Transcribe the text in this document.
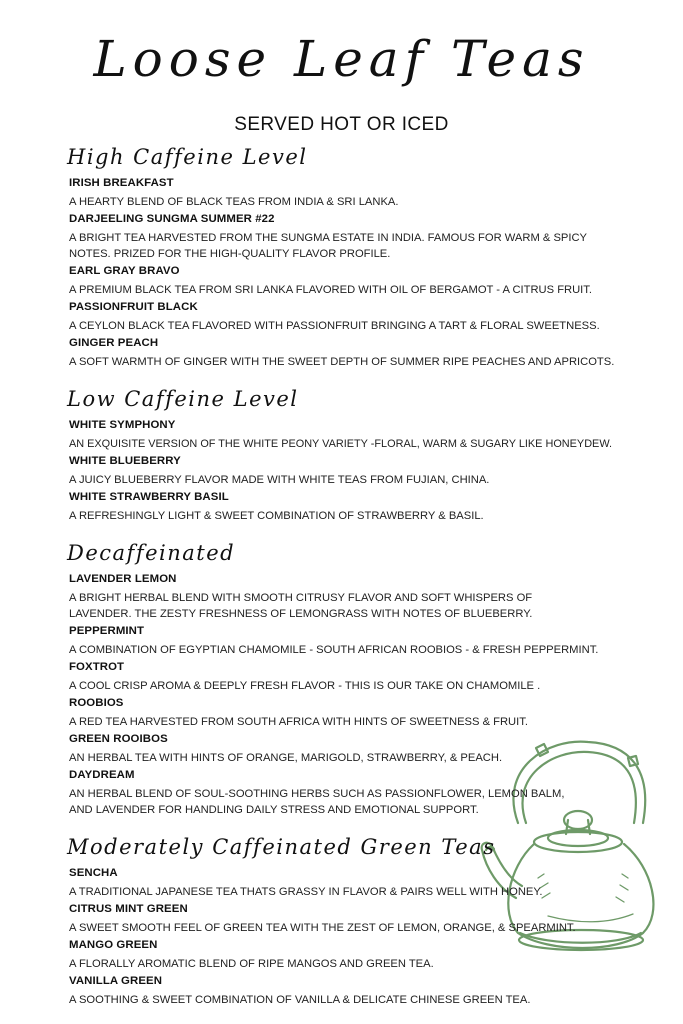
Loose Leaf Teas
SERVED HOT OR ICED
High Caffeine Level
IRISH BREAKFAST
A HEARTY BLEND OF BLACK TEAS FROM INDIA & SRI LANKA.
DARJEELING SUNGMA SUMMER #22
A BRIGHT TEA HARVESTED FROM THE SUNGMA ESTATE IN INDIA. FAMOUS FOR WARM & SPICY NOTES. PRIZED FOR THE HIGH-QUALITY FLAVOR PROFILE.
EARL GRAY BRAVO
A PREMIUM BLACK TEA FROM SRI LANKA FLAVORED WITH OIL OF BERGAMOT - A CITRUS FRUIT.
PASSIONFRUIT BLACK
A CEYLON BLACK TEA FLAVORED WITH PASSIONFRUIT BRINGING A TART & FLORAL SWEETNESS.
GINGER PEACH
A SOFT WARMTH OF GINGER WITH THE SWEET DEPTH OF SUMMER RIPE PEACHES AND APRICOTS.
Low Caffeine Level
WHITE SYMPHONY
AN EXQUISITE VERSION OF THE WHITE PEONY VARIETY -FLORAL, WARM & SUGARY LIKE HONEYDEW.
WHITE BLUEBERRY
A JUICY BLUEBERRY FLAVOR MADE WITH WHITE TEAS FROM FUJIAN, CHINA.
WHITE STRAWBERRY BASIL
A REFRESHINGLY LIGHT & SWEET COMBINATION OF STRAWBERRY & BASIL.
Decaffeinated
LAVENDER LEMON
A BRIGHT HERBAL BLEND WITH SMOOTH CITRUSY FLAVOR AND SOFT WHISPERS OF LAVENDER. THE ZESTY FRESHNESS OF LEMONGRASS WITH NOTES OF BLUEBERRY.
PEPPERMINT
A COMBINATION OF EGYPTIAN CHAMOMILE - SOUTH AFRICAN ROOBIOS - & FRESH PEPPERMINT.
FOXTROT
A COOL CRISP AROMA & DEEPLY FRESH FLAVOR - THIS IS OUR TAKE ON CHAMOMILE .
ROOBIOS
A RED TEA HARVESTED FROM SOUTH AFRICA WITH HINTS OF SWEETNESS & FRUIT.
GREEN ROOIBOS
AN HERBAL TEA WITH HINTS OF ORANGE, MARIGOLD, STRAWBERRY, & PEACH.
DAYDREAM
AN HERBAL BLEND OF SOUL-SOOTHING HERBS SUCH AS PASSIONFLOWER, LEMON BALM, AND LAVENDER FOR HANDLING DAILY STRESS AND EMOTIONAL SUPPORT.
Moderately Caffeinated Green Teas
SENCHA
A TRADITIONAL JAPANESE TEA THATS GRASSY IN FLAVOR & PAIRS WELL WITH HONEY.
CITRUS MINT GREEN
A SWEET SMOOTH FEEL OF GREEN TEA WITH THE ZEST OF LEMON, ORANGE, & SPEARMINT.
MANGO GREEN
A FLORALLY AROMATIC BLEND OF RIPE MANGOS AND GREEN TEA.
VANILLA GREEN
A SOOTHING & SWEET COMBINATION OF VANILLA & DELICATE CHINESE GREEN TEA.
